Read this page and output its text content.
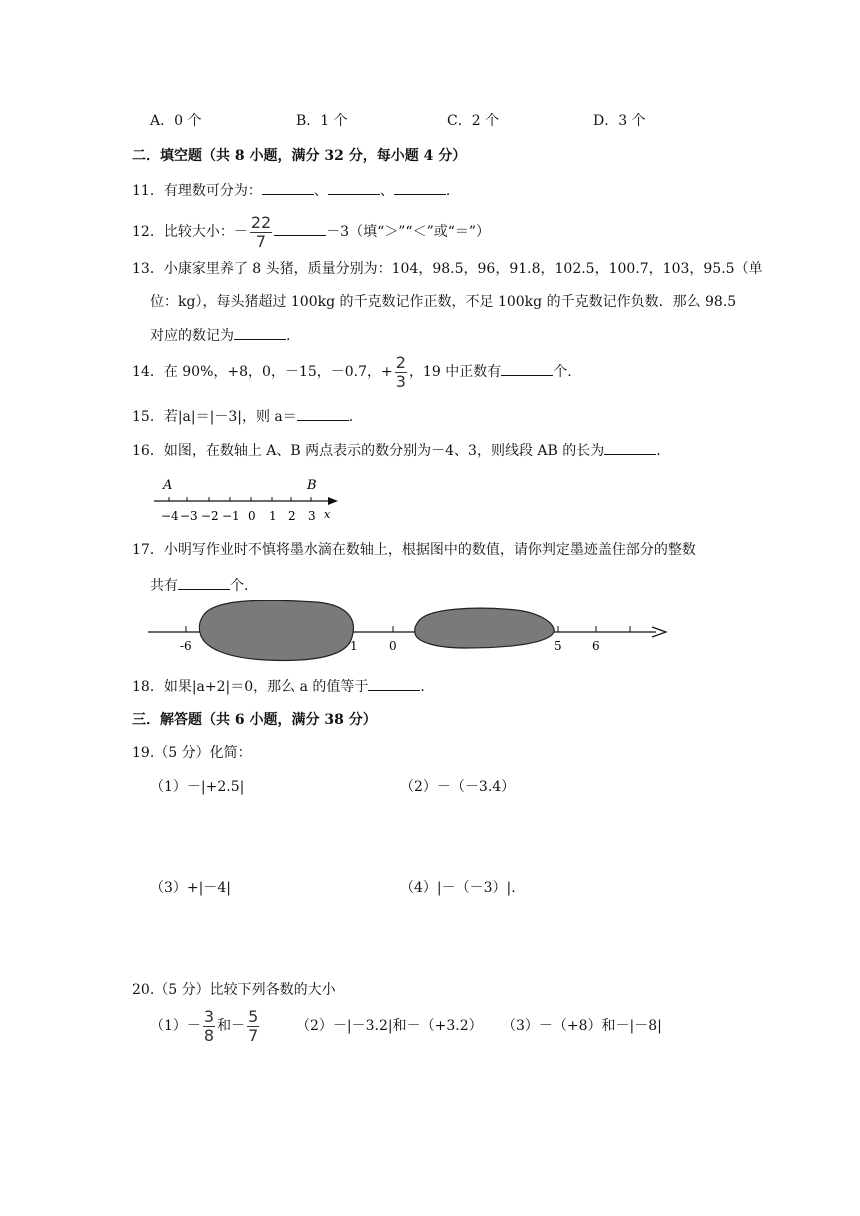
A．0 个	B．1 个	C．2 个	D．3 个
二．填空题（共 8 小题，满分 32 分，每小题 4 分）
11．有理数可分为：	、	、	.
12．比较大小：－ $\frac{22}{7}$	－3（填“＞”“＜”或“＝”）
13．小康家里养了 8 头猪，质量分别为：104，98.5，96，91.8，102.5，100.7，103，95.5（单
位：kg），每头猪超过 100kg 的千克数记作正数，不足 100kg 的千克数记作负数．那么 98.5
对应的数记为	.
14．在 90%，+8，0，－15，－0.7，+ $\frac{2}{3}$ ，19 中正数有	个.
15．若|a|＝|－3|，则 a＝	.
16．如图，在数轴上 A、B 两点表示的数分别为－4、3，则线段 AB 的长为	.
A	B
−4 −3 −2 −1 0 1 2 3 x
17．小明写作业时不慎将墨水滴在数轴上，根据图中的数值，请你判定墨迹盖住部分的整数
共有	个.
-6	1	0	5	6
18．如果|a+2|＝0，那么 a 的值等于	.
三．解答题（共 6 小题，满分 38 分）
19.（5 分）化简：
（1）－|+2.5|	（2）－（－3.4）
（3）+|－4|	（4）|－（－3）|.
20.（5 分）比较下列各数的大小
$(1)- \frac{3}{8}$ 和－ $\frac{5}{7}$	（2）－|－3.2|和－（+3.2） （3）－（+8）和－|－8|
